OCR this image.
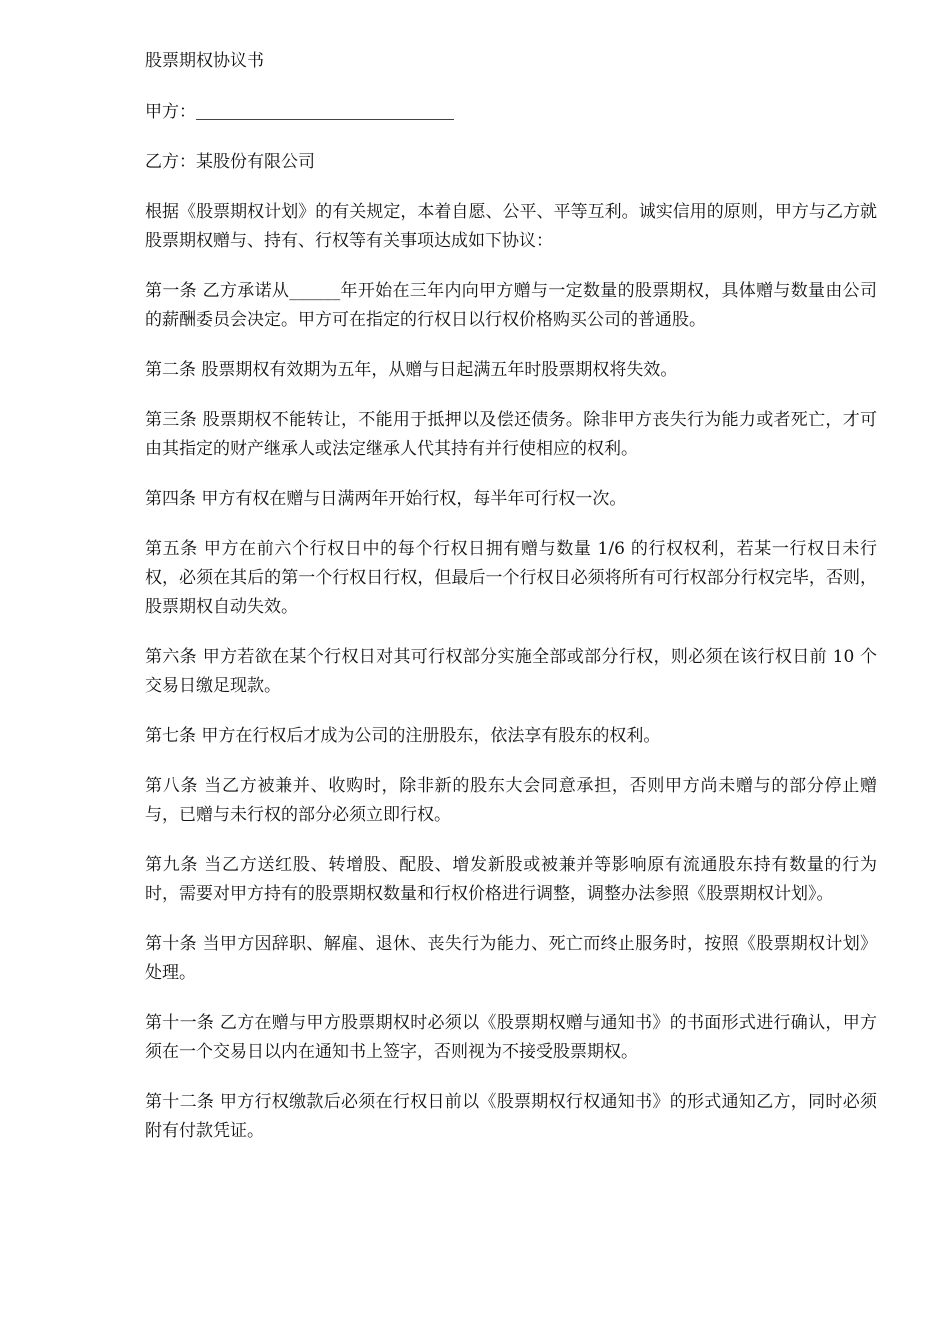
股票期权协议书

甲方：

乙方：某股份有限公司

根据《股票期权计划》的有关规定，本着自愿、公平、平等互利。诚实信用的原则，甲方与乙方就股票期权赠与、持有、行权等有关事项达成如下协议：

第一条 乙方承诺从______年开始在三年内向甲方赠与一定数量的股票期权，具体赠与数量由公司的薪酬委员会决定。甲方可在指定的行权日以行权价格购买公司的普通股。

第二条 股票期权有效期为五年，从赠与日起满五年时股票期权将失效。

第三条 股票期权不能转让，不能用于抵押以及偿还债务。除非甲方丧失行为能力或者死亡，才可由其指定的财产继承人或法定继承人代其持有并行使相应的权利。

第四条 甲方有权在赠与日满两年开始行权，每半年可行权一次。

第五条 甲方在前六个行权日中的每个行权日拥有赠与数量 1/6 的行权权利，若某一行权日未行权，必须在其后的第一个行权日行权，但最后一个行权日必须将所有可行权部分行权完毕，否则，股票期权自动失效。

第六条 甲方若欲在某个行权日对其可行权部分实施全部或部分行权，则必须在该行权日前 10 个交易日缴足现款。

第七条 甲方在行权后才成为公司的注册股东，依法享有股东的权利。

第八条 当乙方被兼并、收购时，除非新的股东大会同意承担，否则甲方尚未赠与的部分停止赠与，已赠与未行权的部分必须立即行权。

第九条 当乙方送红股、转增股、配股、增发新股或被兼并等影响原有流通股东持有数量的行为时，需要对甲方持有的股票期权数量和行权价格进行调整，调整办法参照《股票期权计划》。

第十条 当甲方因辞职、解雇、退休、丧失行为能力、死亡而终止服务时，按照《股票期权计划》处理。

第十一条 乙方在赠与甲方股票期权时必须以《股票期权赠与通知书》的书面形式进行确认，甲方须在一个交易日以内在通知书上签字，否则视为不接受股票期权。

第十二条 甲方行权缴款后必须在行权日前以《股票期权行权通知书》的形式通知乙方，同时必须附有付款凭证。
